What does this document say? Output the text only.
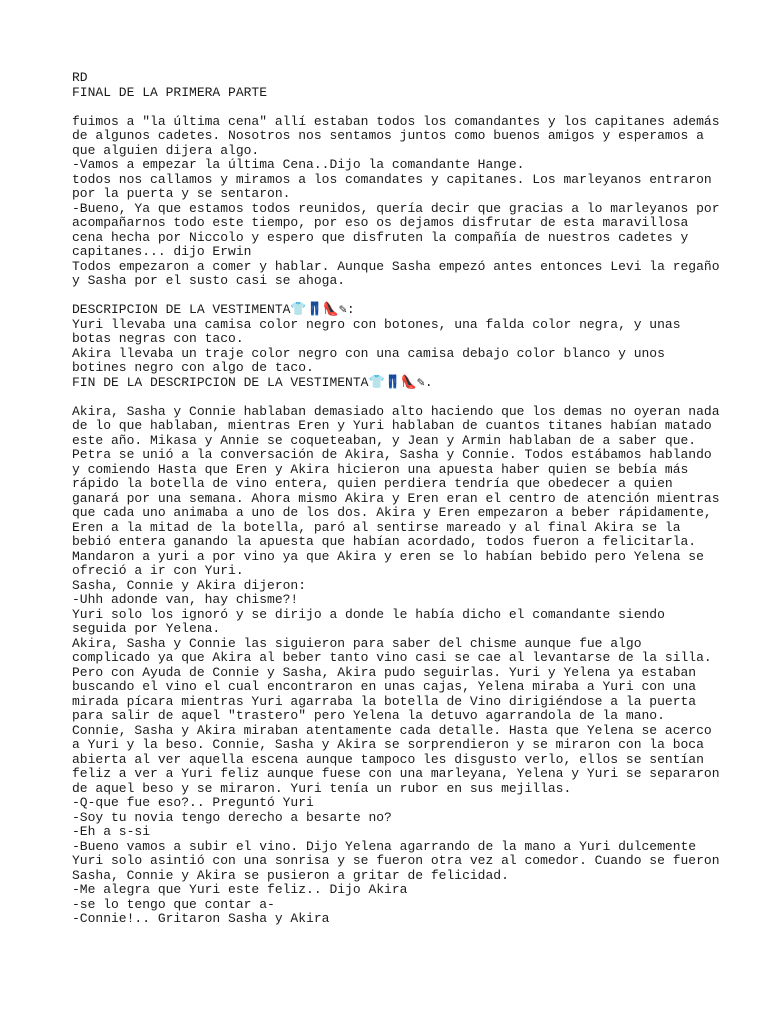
RD
FINAL DE LA PRIMERA PARTE

fuimos a "la última cena" allí estaban todos los comandantes y los capitanes además
de algunos cadetes. Nosotros nos sentamos juntos como buenos amigos y esperamos a
que alguien dijera algo.
-Vamos a empezar la última Cena..Dijo la comandante Hange.
todos nos callamos y miramos a los comandates y capitanes. Los marleyanos entraron
por la puerta y se sentaron.
-Bueno, Ya que estamos todos reunidos, quería decir que gracias a lo marleyanos por
acompañarnos todo este tiempo, por eso os dejamos disfrutar de esta maravillosa
cena hecha por Niccolo y espero que disfruten la compañía de nuestros cadetes y
capitanes... dijo Erwin
Todos empezaron a comer y hablar. Aunque Sasha empezó antes entonces Levi la regaño
y Sasha por el susto casi se ahoga.

DESCRIPCION DE LA VESTIMENTA👕👖👠✎:
Yuri llevaba una camisa color negro con botones, una falda color negra, y unas
botas negras con taco.
Akira llevaba un traje color negro con una camisa debajo color blanco y unos
botines negro con algo de taco.
FIN DE LA DESCRIPCION DE LA VESTIMENTA👕👖👠✎.

Akira, Sasha y Connie hablaban demasiado alto haciendo que los demas no oyeran nada
de lo que hablaban, mientras Eren y Yuri hablaban de cuantos titanes habían matado
este año. Mikasa y Annie se coqueteaban, y Jean y Armin hablaban de a saber que.
Petra se unió a la conversación de Akira, Sasha y Connie. Todos estábamos hablando
y comiendo Hasta que Eren y Akira hicieron una apuesta haber quien se bebía más
rápido la botella de vino entera, quien perdiera tendría que obedecer a quien
ganará por una semana. Ahora mismo Akira y Eren eran el centro de atención mientras
que cada uno animaba a uno de los dos. Akira y Eren empezaron a beber rápidamente,
Eren a la mitad de la botella, paró al sentirse mareado y al final Akira se la
bebió entera ganando la apuesta que habían acordado, todos fueron a felicitarla.
Mandaron a yuri a por vino ya que Akira y eren se lo habían bebido pero Yelena se
ofreció a ir con Yuri.
Sasha, Connie y Akira dijeron:
-Uhh adonde van, hay chisme?!
Yuri solo los ignoró y se dirijo a donde le había dicho el comandante siendo
seguida por Yelena.
Akira, Sasha y Connie las siguieron para saber del chisme aunque fue algo
complicado ya que Akira al beber tanto vino casi se cae al levantarse de la silla.
Pero con Ayuda de Connie y Sasha, Akira pudo seguirlas. Yuri y Yelena ya estaban
buscando el vino el cual encontraron en unas cajas, Yelena miraba a Yuri con una
mirada pícara mientras Yuri agarraba la botella de Vino dirigiéndose a la puerta
para salir de aquel "trastero" pero Yelena la detuvo agarrandola de la mano.
Connie, Sasha y Akira miraban atentamente cada detalle. Hasta que Yelena se acerco
a Yuri y la beso. Connie, Sasha y Akira se sorprendieron y se miraron con la boca
abierta al ver aquella escena aunque tampoco les disgusto verlo, ellos se sentían
feliz a ver a Yuri feliz aunque fuese con una marleyana, Yelena y Yuri se separaron
de aquel beso y se miraron. Yuri tenía un rubor en sus mejillas.
-Q-que fue eso?.. Preguntó Yuri
-Soy tu novia tengo derecho a besarte no?
-Eh a s-si
-Bueno vamos a subir el vino. Dijo Yelena agarrando de la mano a Yuri dulcemente
Yuri solo asintió con una sonrisa y se fueron otra vez al comedor. Cuando se fueron
Sasha, Connie y Akira se pusieron a gritar de felicidad.
-Me alegra que Yuri este feliz.. Dijo Akira
-se lo tengo que contar a-
-Connie!.. Gritaron Sasha y Akira
